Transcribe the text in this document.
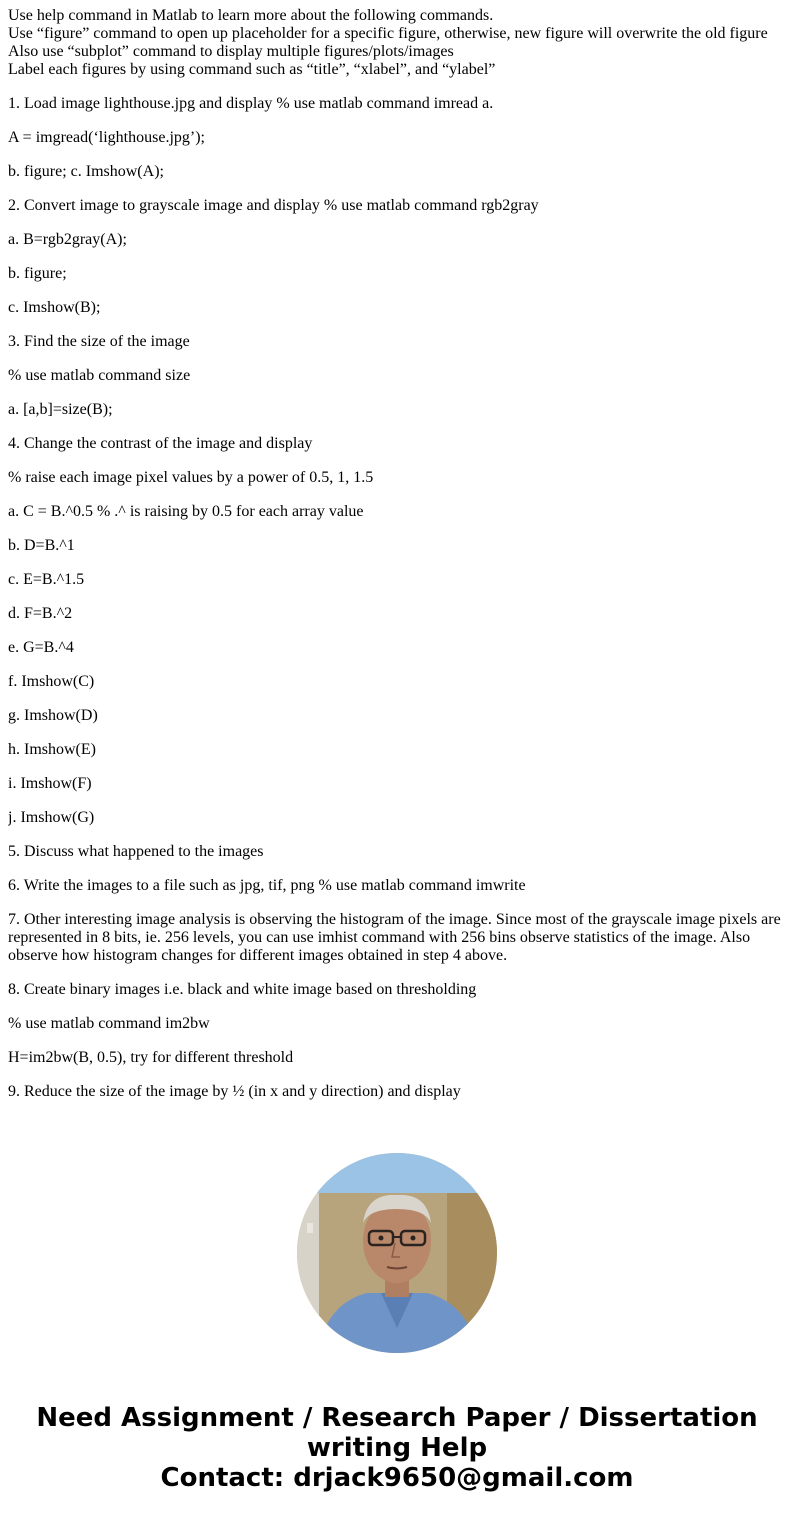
Use help command in Matlab to learn more about the following commands.
Use “figure” command to open up placeholder for a specific figure, otherwise, new figure will overwrite the old figure
Also use “subplot” command to display multiple figures/plots/images
Label each figures by using command such as “title”, “xlabel”, and “ylabel”

1. Load image lighthouse.jpg and display % use matlab command imread a.

A = imgread(‘lighthouse.jpg’);

b. figure; c. Imshow(A);

2. Convert image to grayscale image and display % use matlab command rgb2gray

a. B=rgb2gray(A);

b. figure;

c. Imshow(B);

3. Find the size of the image

% use matlab command size

a. [a,b]=size(B);

4. Change the contrast of the image and display

% raise each image pixel values by a power of 0.5, 1, 1.5

a. C = B.^0.5 % .^ is raising by 0.5 for each array value

b. D=B.^1

c. E=B.^1.5

d. F=B.^2

e. G=B.^4

f. Imshow(C)

g. Imshow(D)

h. Imshow(E)

i. Imshow(F)

j. Imshow(G)

5. Discuss what happened to the images

6. Write the images to a file such as jpg, tif, png % use matlab command imwrite

7. Other interesting image analysis is observing the histogram of the image. Since most of the grayscale image pixels are represented in 8 bits, ie. 256 levels, you can use imhist command with 256 bins observe statistics of the image. Also observe how histogram changes for different images obtained in step 4 above.

8. Create binary images i.e. black and white image based on thresholding

% use matlab command im2bw

H=im2bw(B, 0.5), try for different threshold

9. Reduce the size of the image by ½ (in x and y direction) and display

Need Assignment / Research Paper / Dissertation
writing Help
Contact: drjack9650@gmail.com
